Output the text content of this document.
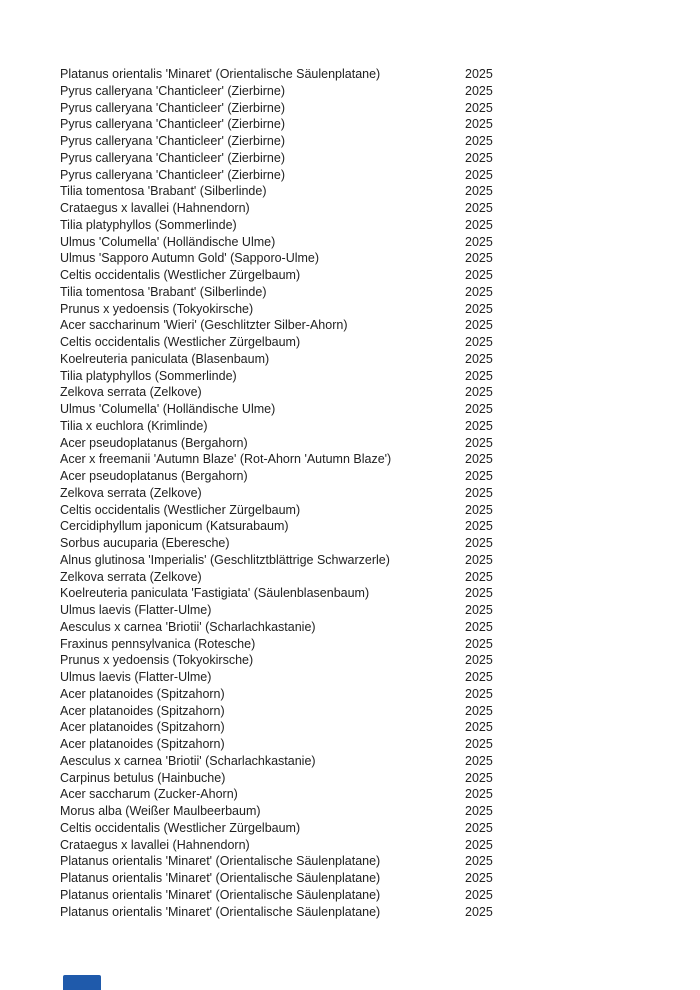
Platanus orientalis 'Minaret' (Orientalische Säulenplatane)	2025
Pyrus calleryana 'Chanticleer' (Zierbirne)	2025
Pyrus calleryana 'Chanticleer' (Zierbirne)	2025
Pyrus calleryana 'Chanticleer' (Zierbirne)	2025
Pyrus calleryana 'Chanticleer' (Zierbirne)	2025
Pyrus calleryana 'Chanticleer' (Zierbirne)	2025
Pyrus calleryana 'Chanticleer' (Zierbirne)	2025
Tilia tomentosa 'Brabant' (Silberlinde)	2025
Crataegus x lavallei (Hahnendorn)	2025
Tilia platyphyllos (Sommerlinde)	2025
Ulmus 'Columella' (Holländische Ulme)	2025
Ulmus 'Sapporo Autumn Gold' (Sapporo-Ulme)	2025
Celtis occidentalis (Westlicher Zürgelbaum)	2025
Tilia tomentosa 'Brabant' (Silberlinde)	2025
Prunus x yedoensis (Tokyokirsche)	2025
Acer saccharinum 'Wieri' (Geschlitzter Silber-Ahorn)	2025
Celtis occidentalis (Westlicher Zürgelbaum)	2025
Koelreuteria paniculata (Blasenbaum)	2025
Tilia platyphyllos (Sommerlinde)	2025
Zelkova serrata (Zelkove)	2025
Ulmus 'Columella' (Holländische Ulme)	2025
Tilia x euchlora (Krimlinde)	2025
Acer pseudoplatanus (Bergahorn)	2025
Acer x freemanii 'Autumn Blaze' (Rot-Ahorn 'Autumn Blaze')	2025
Acer pseudoplatanus (Bergahorn)	2025
Zelkova serrata (Zelkove)	2025
Celtis occidentalis (Westlicher Zürgelbaum)	2025
Cercidiphyllum japonicum (Katsurabaum)	2025
Sorbus aucuparia (Eberesche)	2025
Alnus glutinosa 'Imperialis' (Geschlitztblättrige Schwarzerle)	2025
Zelkova serrata (Zelkove)	2025
Koelreuteria paniculata 'Fastigiata' (Säulenblasenbaum)	2025
Ulmus laevis (Flatter-Ulme)	2025
Aesculus x carnea 'Briotii' (Scharlachkastanie)	2025
Fraxinus pennsylvanica (Rotesche)	2025
Prunus x yedoensis (Tokyokirsche)	2025
Ulmus laevis (Flatter-Ulme)	2025
Acer platanoides (Spitzahorn)	2025
Acer platanoides (Spitzahorn)	2025
Acer platanoides (Spitzahorn)	2025
Acer platanoides (Spitzahorn)	2025
Aesculus x carnea 'Briotii' (Scharlachkastanie)	2025
Carpinus betulus (Hainbuche)	2025
Acer saccharum (Zucker-Ahorn)	2025
Morus alba (Weißer Maulbeerbaum)	2025
Celtis occidentalis (Westlicher Zürgelbaum)	2025
Crataegus x lavallei (Hahnendorn)	2025
Platanus orientalis 'Minaret' (Orientalische Säulenplatane)	2025
Platanus orientalis 'Minaret' (Orientalische Säulenplatane)	2025
Platanus orientalis 'Minaret' (Orientalische Säulenplatane)	2025
Platanus orientalis 'Minaret' (Orientalische Säulenplatane)	2025
